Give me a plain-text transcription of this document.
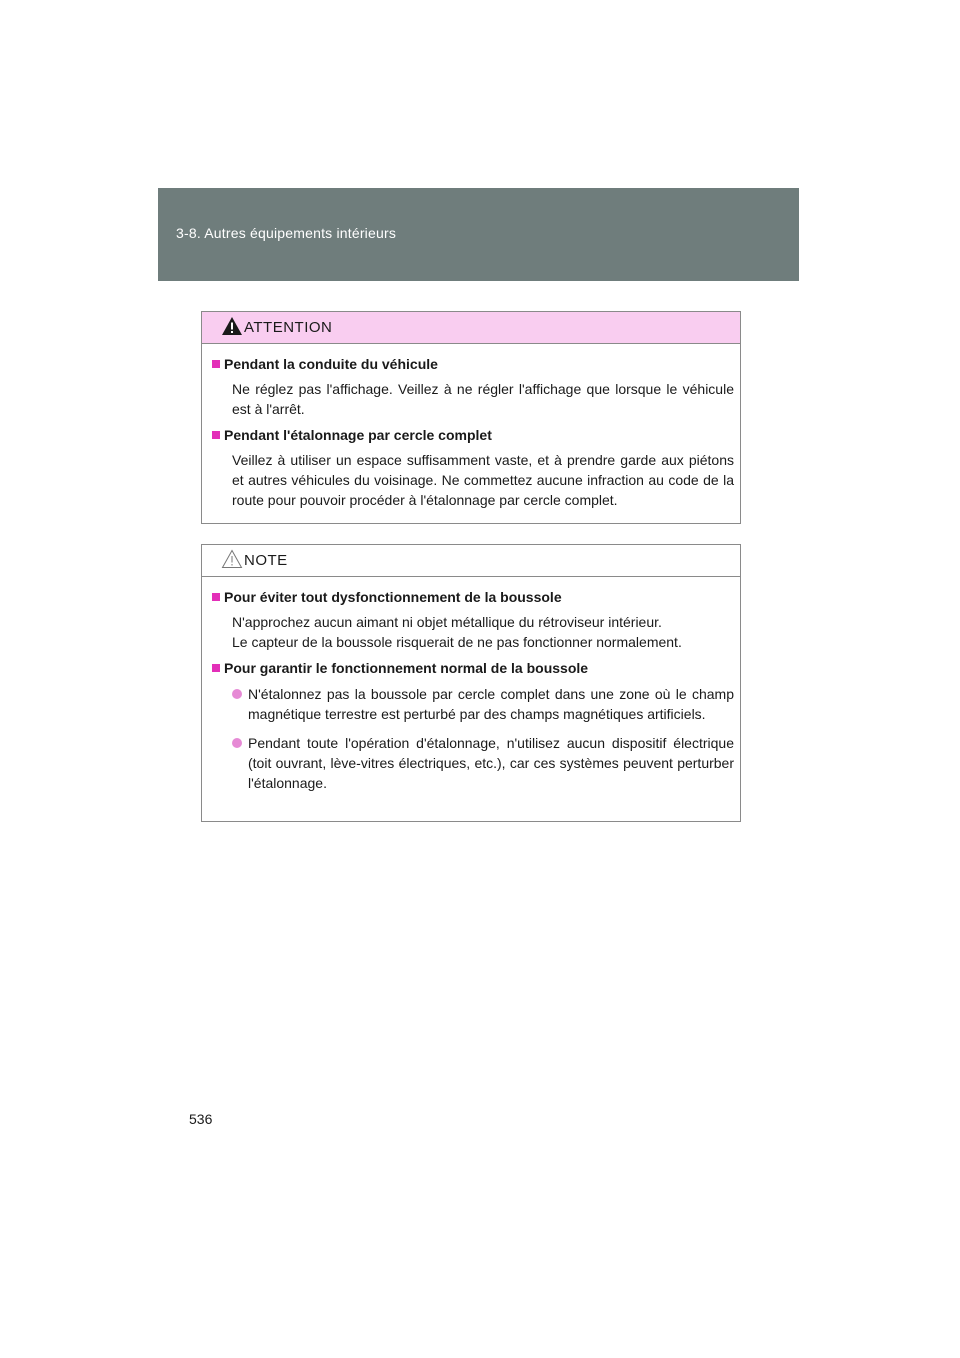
3-8. Autres équipements intérieurs
ATTENTION

Pendant la conduite du véhicule

Ne réglez pas l'affichage. Veillez à ne régler l'affichage que lorsque le véhicule est à l'arrêt.

Pendant l'étalonnage par cercle complet

Veillez à utiliser un espace suffisamment vaste, et à prendre garde aux piétons et autres véhicules du voisinage. Ne commettez aucune infraction au code de la route pour pouvoir procéder à l'étalonnage par cercle complet.

NOTE

Pour éviter tout dysfonctionnement de la boussole

N'approchez aucun aimant ni objet métallique du rétroviseur intérieur.
Le capteur de la boussole risquerait de ne pas fonctionner normalement.

Pour garantir le fonctionnement normal de la boussole

N'étalonnez pas la boussole par cercle complet dans une zone où le champ magnétique terrestre est perturbé par des champs magnétiques artificiels.
Pendant toute l'opération d'étalonnage, n'utilisez aucun dispositif électrique (toit ouvrant, lève-vitres électriques, etc.), car ces systèmes peuvent perturber l'étalonnage.
536
